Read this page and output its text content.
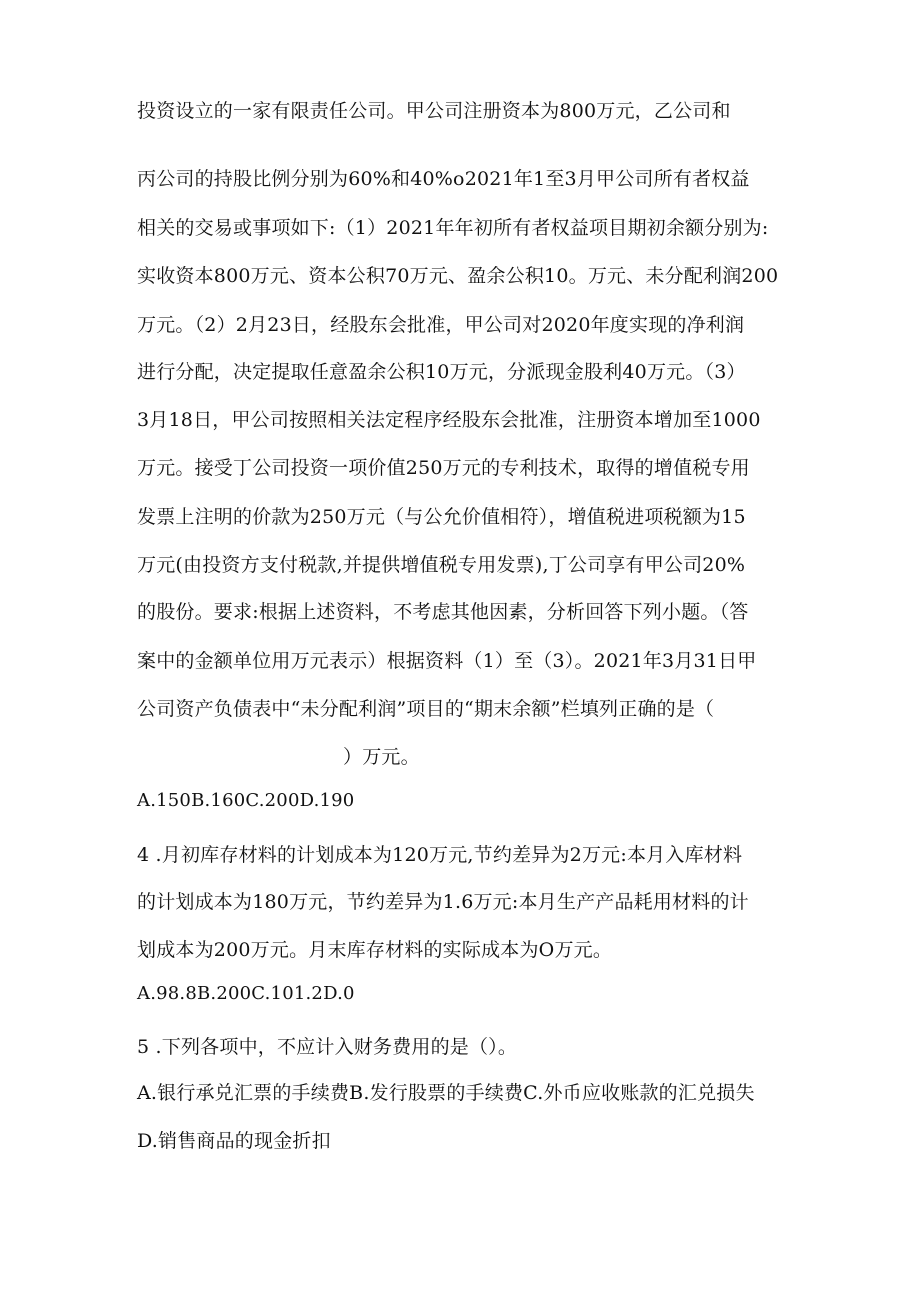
投资设立的一家有限责任公司。甲公司注册资本为800万元，乙公司和
丙公司的持股比例分别为60%和40%o2021年1至3月甲公司所有者权益
相关的交易或事项如下:（1）2021年年初所有者权益项目期初余额分别为:
实收资本800万元、资本公积70万元、盈余公积10。万元、未分配利润200
万元。（2）2月23日，经股东会批准，甲公司对2020年度实现的净利润
进行分配，决定提取任意盈余公积10万元，分派现金股利40万元。（3）
3月18日，甲公司按照相关法定程序经股东会批准，注册资本增加至1000
万元。接受丁公司投资一项价值250万元的专利技术，取得的增值税专用
发票上注明的价款为250万元（与公允价值相符），增值税进项税额为15
万元(由投资方支付税款,并提供增值税专用发票),丁公司享有甲公司20%
的股份。要求:根据上述资料，不考虑其他因素，分析回答下列小题。（答
案中的金额单位用万元表示）根据资料（1）至（3）。2021年3月31日甲
公司资产负债表中“未分配利润”项目的“期末余额”栏填列正确的是（
）万元。
A.150B.160C.200D.190
4 .月初库存材料的计划成本为120万元,节约差异为2万元:本月入库材料
的计划成本为180万元，节约差异为1.6万元:本月生产产品耗用材料的计
划成本为200万元。月末库存材料的实际成本为O万元。
A.98.8B.200C.101.2D.0
5 .下列各项中，不应计入财务费用的是（）。
A.银行承兑汇票的手续费B.发行股票的手续费C.外币应收账款的汇兑损失
D.销售商品的现金折扣
